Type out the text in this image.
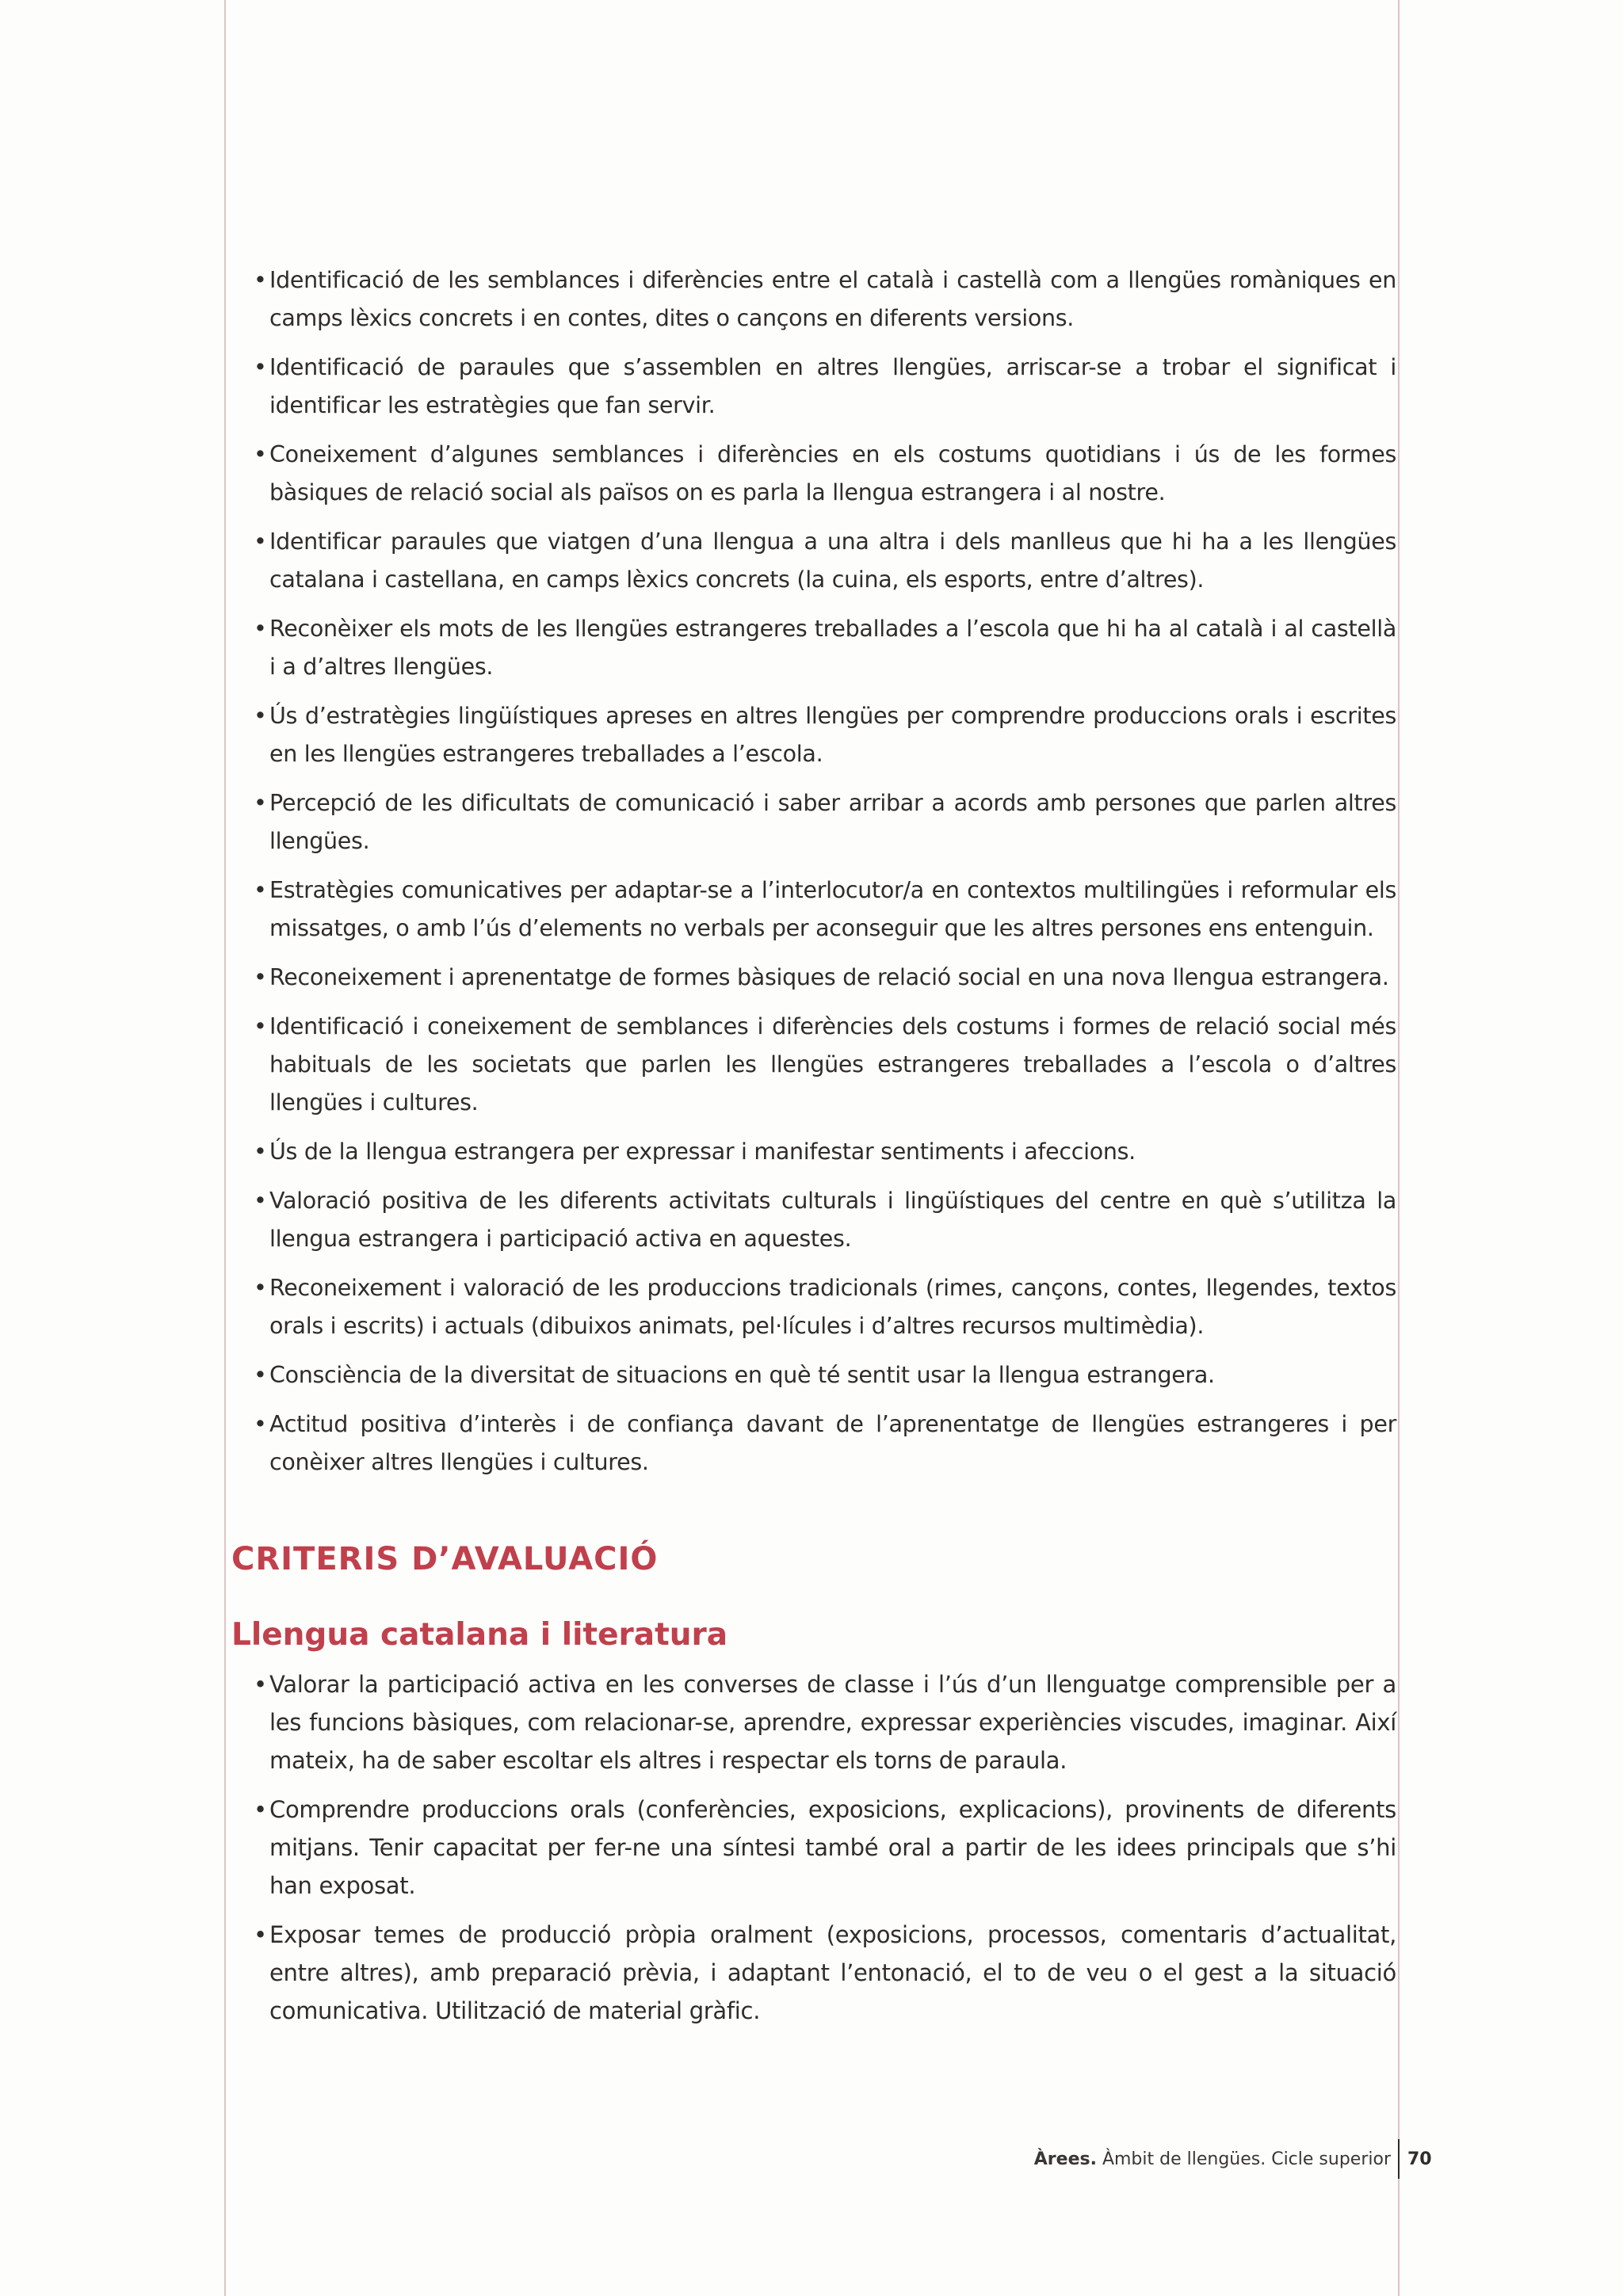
• Identificació de les semblances i diferències entre el català i castellà com a llengües romàniques en camps lèxics concrets i en contes, dites o cançons en diferents versions.
• Identificació de paraules que s’assemblen en altres llengües, arriscar-se a trobar el significat i identificar les estratègies que fan servir.
• Coneixement d’algunes semblances i diferències en els costums quotidians i ús de les formes bàsiques de relació social als països on es parla la llengua estrangera i al nostre.
• Identificar paraules que viatgen d’una llengua a una altra i dels manlleus que hi ha a les llengües catalana i castellana, en camps lèxics concrets (la cuina, els esports, entre d’altres).
• Reconèixer els mots de les llengües estrangeres treballades a l’escola que hi ha al català i al castellà i a d’altres llengües.
• Ús d’estratègies lingüístiques apreses en altres llengües per comprendre produccions orals i escrites en les llengües estrangeres treballades a l’escola.
• Percepció de les dificultats de comunicació i saber arribar a acords amb persones que parlen altres llengües.
• Estratègies comunicatives per adaptar-se a l’interlocutor/a en contextos multilingües i reformular els missatges, o amb l’ús d’elements no verbals per aconseguir que les altres persones ens entenguin.
• Reconeixement i aprenentatge de formes bàsiques de relació social en una nova llengua estrangera.
• Identificació i coneixement de semblances i diferències dels costums i formes de relació social més habituals de les societats que parlen les llengües estrangeres treballades a l’escola o d’altres llengües i cultures.
• Ús de la llengua estrangera per expressar i manifestar sentiments i afeccions.
• Valoració positiva de les diferents activitats culturals i lingüístiques del centre en què s’utilitza la llengua estrangera i participació activa en aquestes.
• Reconeixement i valoració de les produccions tradicionals (rimes, cançons, contes, llegendes, textos orals i escrits) i actuals (dibuixos animats, pel·lícules i d’altres recursos multimèdia).
• Consciència de la diversitat de situacions en què té sentit usar la llengua estrangera.
• Actitud positiva d’interès i de confiança davant de l’aprenentatge de llengües estrangeres i per conèixer altres llengües i cultures.
CRITERIS D’AVALUACIÓ
Llengua catalana i literatura
• Valorar la participació activa en les converses de classe i l’ús d’un llenguatge comprensible per a les funcions bàsiques, com relacionar-se, aprendre, expressar experiències viscudes, imaginar. Així mateix, ha de saber escoltar els altres i respectar els torns de paraula.
• Comprendre produccions orals (conferències, exposicions, explicacions), provinents de diferents mitjans. Tenir capacitat per fer-ne una síntesi també oral a partir de les idees principals que s’hi han exposat.
• Exposar temes de producció pròpia oralment (exposicions, processos, comentaris d’actualitat, entre altres), amb preparació prèvia, i adaptant l’entonació, el to de veu o el gest a la situació comunicativa. Utilització de material gràfic.
Àrees. Àmbit de llengües. Cicle superior 70
